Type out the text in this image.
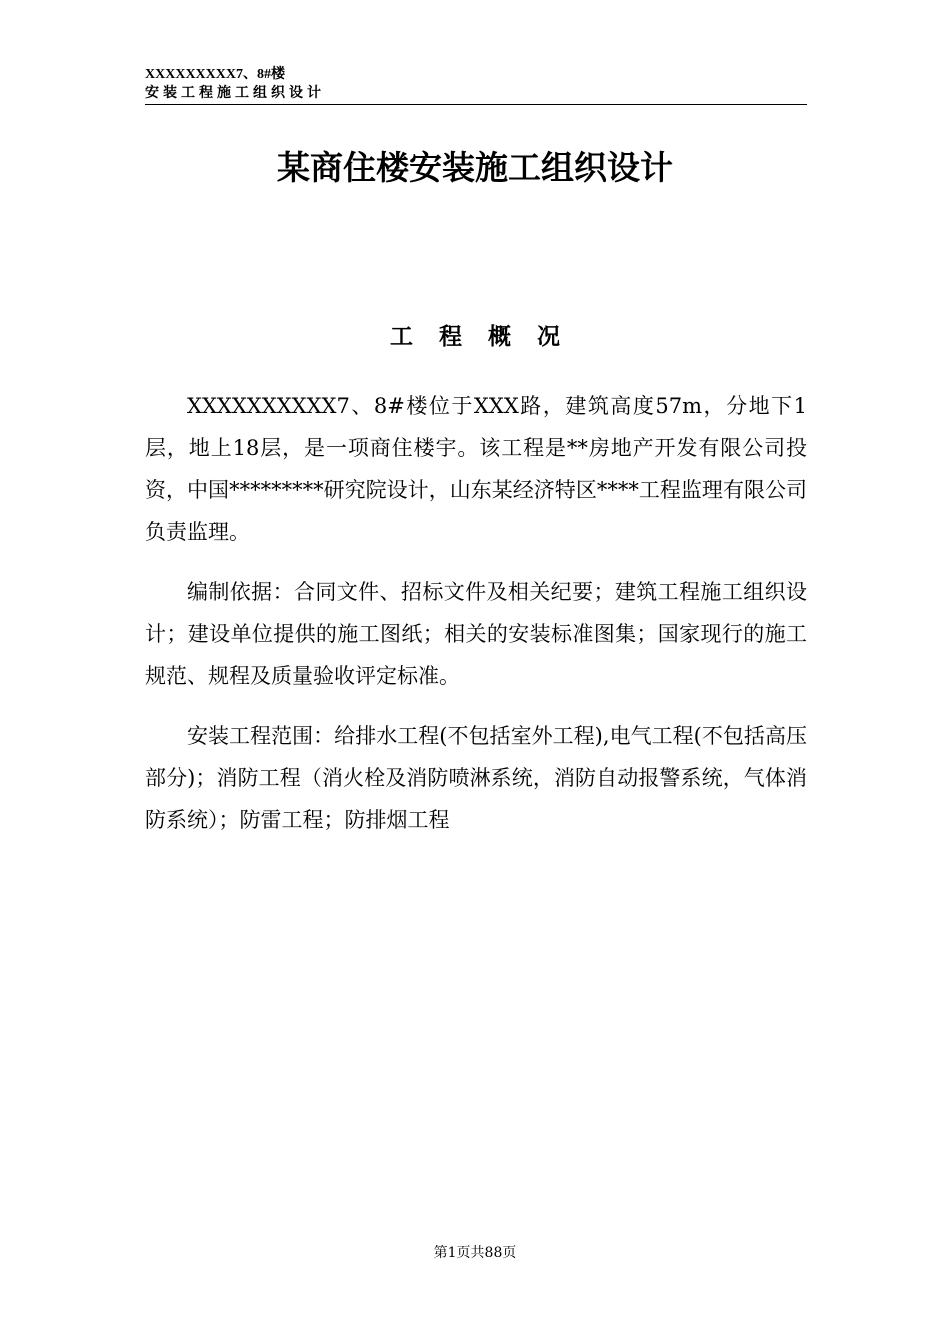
XXXXXXXXX7、8#楼
安装工程施工组织设计
某商住楼安装施工组织设计
工程概况

XXXXXXXXXX7、8#楼位于XXX路，建筑高度57m，分地下1层，地上18层，是一项商住楼宇。该工程是**房地产开发有限公司投资，中国*********研究院设计，山东某经济特区****工程监理有限公司负责监理。

编制依据：合同文件、招标文件及相关纪要；建筑工程施工组织设计；建设单位提供的施工图纸；相关的安装标准图集；国家现行的施工规范、规程及质量验收评定标准。

安装工程范围：给排水工程(不包括室外工程),电气工程(不包括高压部分)；消防工程（消火栓及消防喷淋系统，消防自动报警系统，气体消防系统）；防雷工程；防排烟工程

第1页共88页
